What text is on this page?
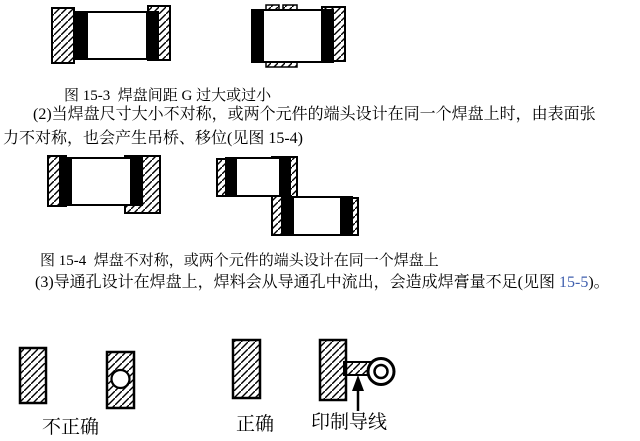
图 15-3  焊盘间距 G 过大或过小
(2)当焊盘尺寸大小不对称，或两个元件的端头设计在同一个焊盘上时，由表面张
力不对称，也会产生吊桥、移位(见图 15-4)
图 15-4  焊盘不对称，或两个元件的端头设计在同一个焊盘上
(3)导通孔设计在焊盘上，焊料会从导通孔中流出，会造成焊膏量不足(见图 15-5)。
不正确	正确 印制导线
